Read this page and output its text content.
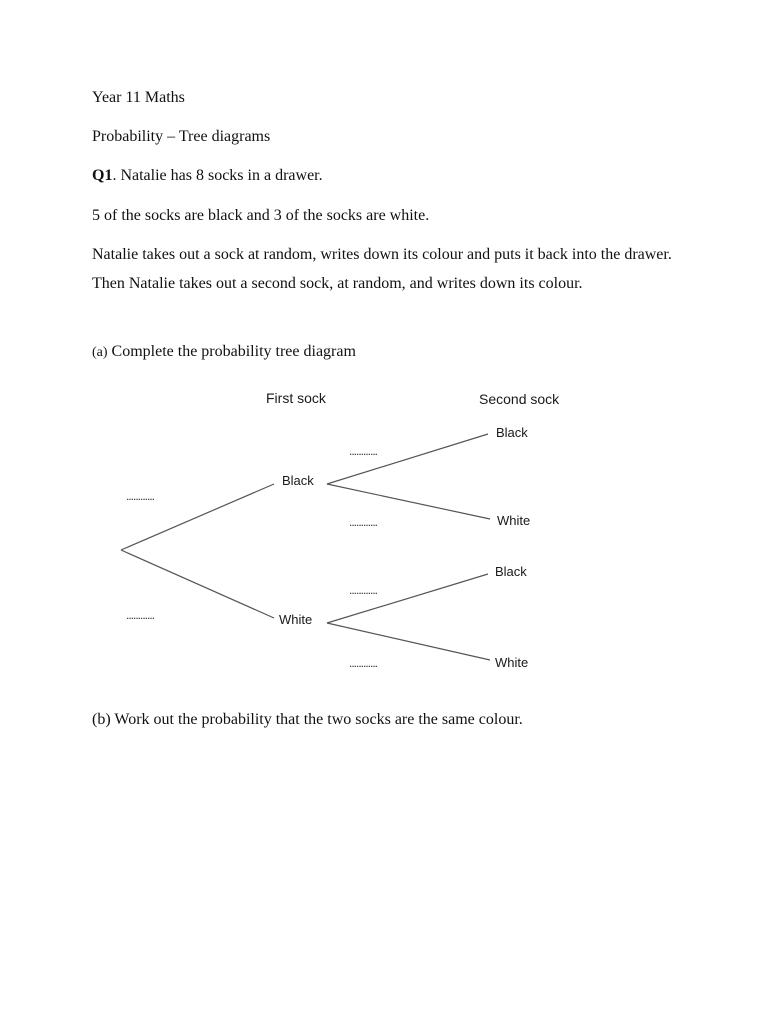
Year 11 Maths
Probability – Tree diagrams
Q1. Natalie has 8 socks in a drawer.
5 of the socks are black and 3 of the socks are white.
Natalie takes out a sock at random, writes down its colour and puts it back into the drawer. Then Natalie takes out a second sock, at random, and writes down its colour.
(a) Complete the probability tree diagram
First sock	Second sock
Black
White
Black
White
Black
White
............
............
............
............
............
............
(b) Work out the probability that the two socks are the same colour.
